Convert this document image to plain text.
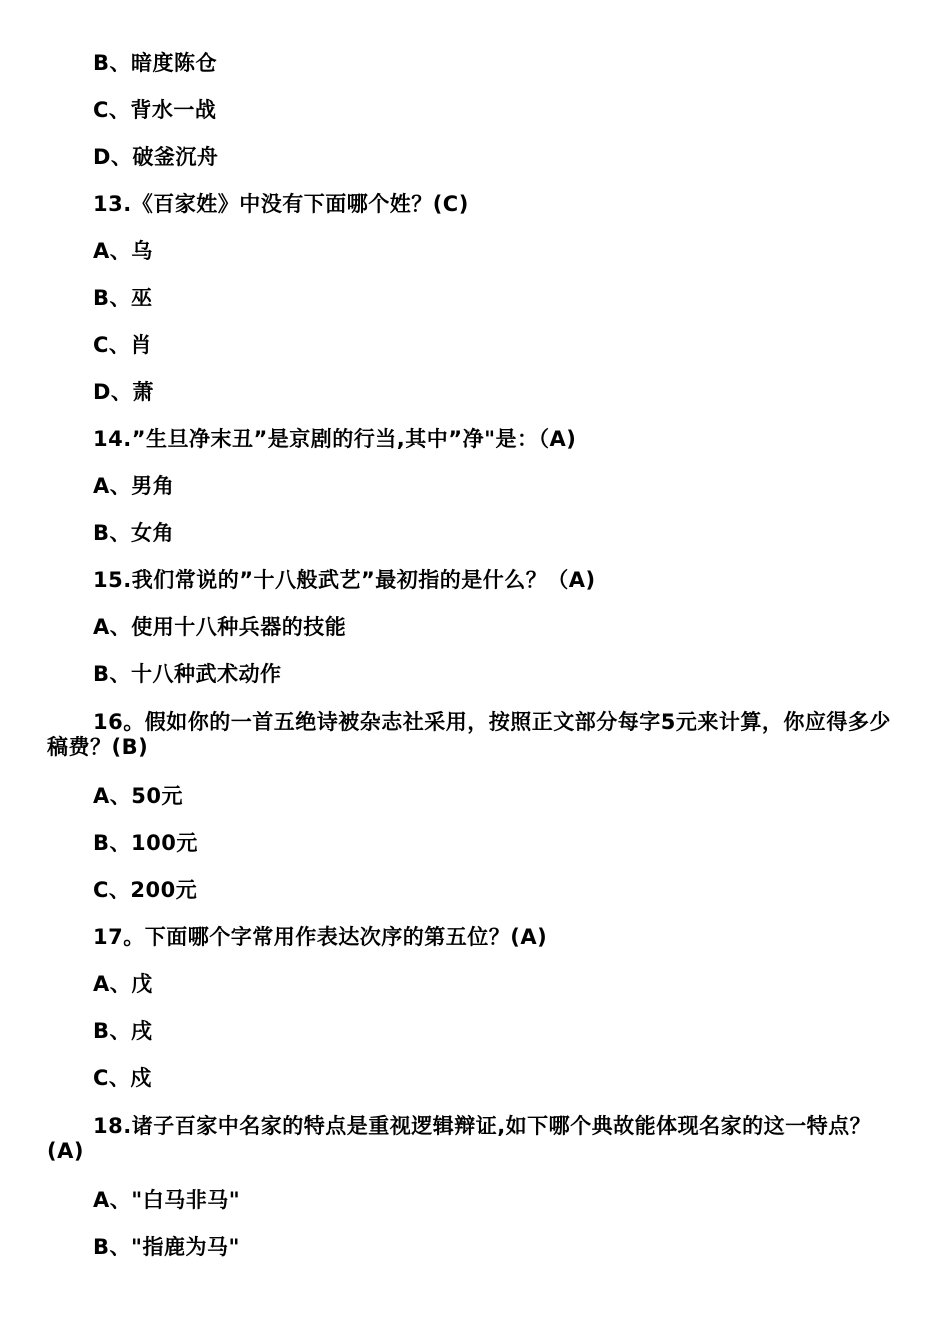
B、暗度陈仓

C、背水一战

D、破釜沉舟

13.《百家姓》中没有下面哪个姓？(C)

A、乌

B、巫

C、肖

D、萧

14.”生旦净末丑”是京剧的行当,其中”净"是：（A)

A、男角

B、女角

15.我们常说的”十八般武艺”最初指的是什么？（A)

A、使用十八种兵器的技能

B、十八种武术动作

16。假如你的一首五绝诗被杂志社采用，按照正文部分每字5元来计算，你应得多少稿费？(B)

A、50元

B、100元

C、200元

17。下面哪个字常用作表达次序的第五位？(A)

A、戊

B、戌

C、戍

18.诸子百家中名家的特点是重视逻辑辩证,如下哪个典故能体现名家的这一特点？(A)

A、"白马非马"

B、"指鹿为马"
